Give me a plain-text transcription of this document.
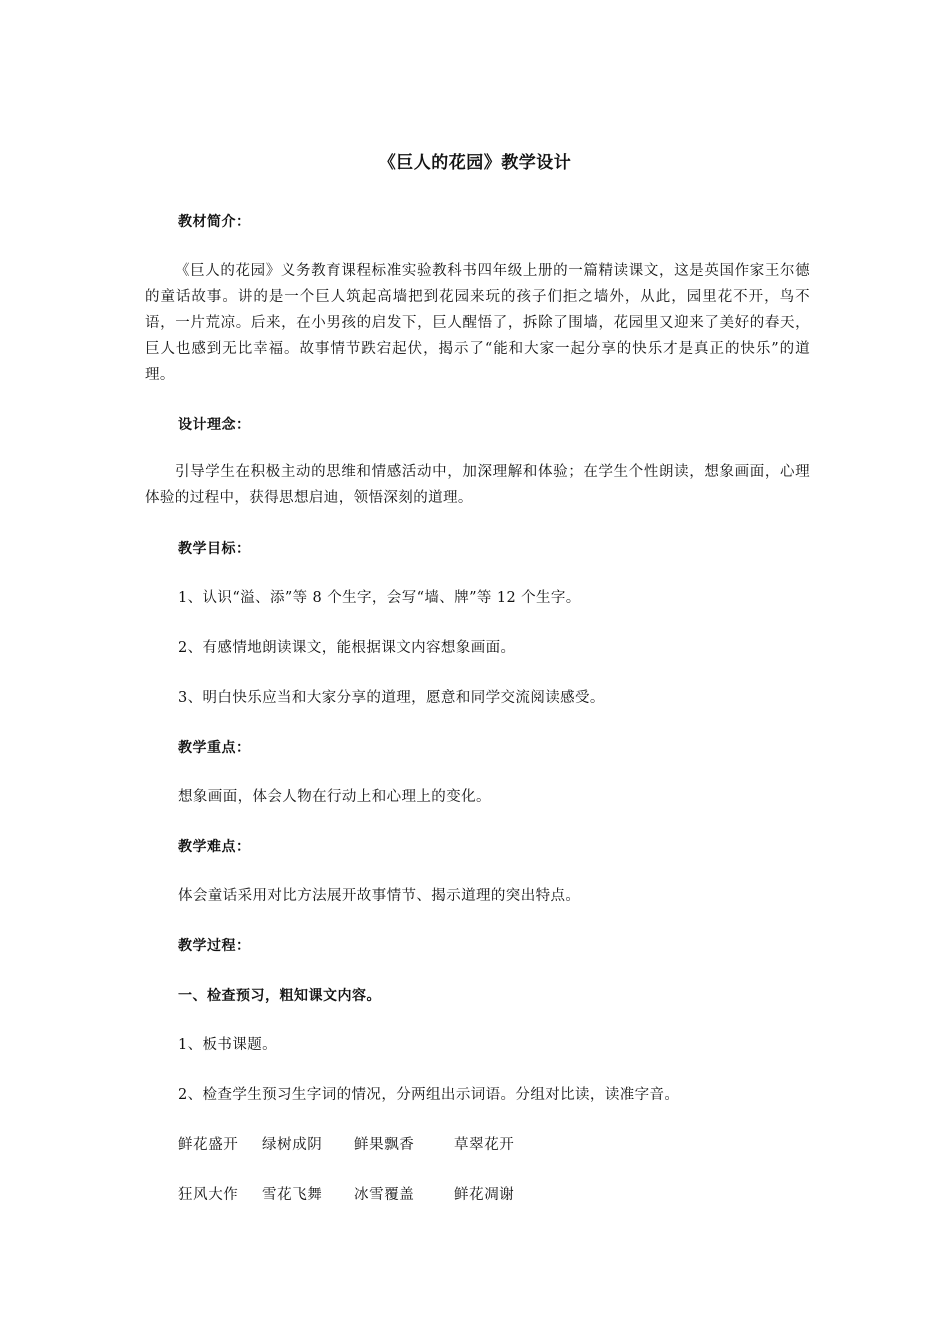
《巨人的花园》教学设计
教材简介：
《巨人的花园》义务教育课程标准实验教科书四年级上册的一篇精读课文，这是英国作家王尔德的童话故事。讲的是一个巨人筑起高墙把到花园来玩的孩子们拒之墙外，从此，园里花不开，鸟不语，一片荒凉。后来，在小男孩的启发下，巨人醒悟了，拆除了围墙，花园里又迎来了美好的春天，巨人也感到无比幸福。故事情节跌宕起伏，揭示了“能和大家一起分享的快乐才是真正的快乐”的道理。
设计理念：
引导学生在积极主动的思维和情感活动中，加深理解和体验；在学生个性朗读，想象画面，心理体验的过程中，获得思想启迪，领悟深刻的道理。
教学目标：
1、认识“溢、添”等 8 个生字，会写“墙、牌”等 12 个生字。
2、有感情地朗读课文，能根据课文内容想象画面。
3、明白快乐应当和大家分享的道理，愿意和同学交流阅读感受。
教学重点：
想象画面，体会人物在行动上和心理上的变化。
教学难点：
体会童话采用对比方法展开故事情节、揭示道理的突出特点。
教学过程：
一、检查预习，粗知课文内容。
1、板书课题。
2、检查学生预习生字词的情况，分两组出示词语。分组对比读，读准字音。
鲜花盛开 绿树成阴 鲜果飘香	草翠花开
狂风大作 雪花飞舞 冰雪覆盖	鲜花凋谢
